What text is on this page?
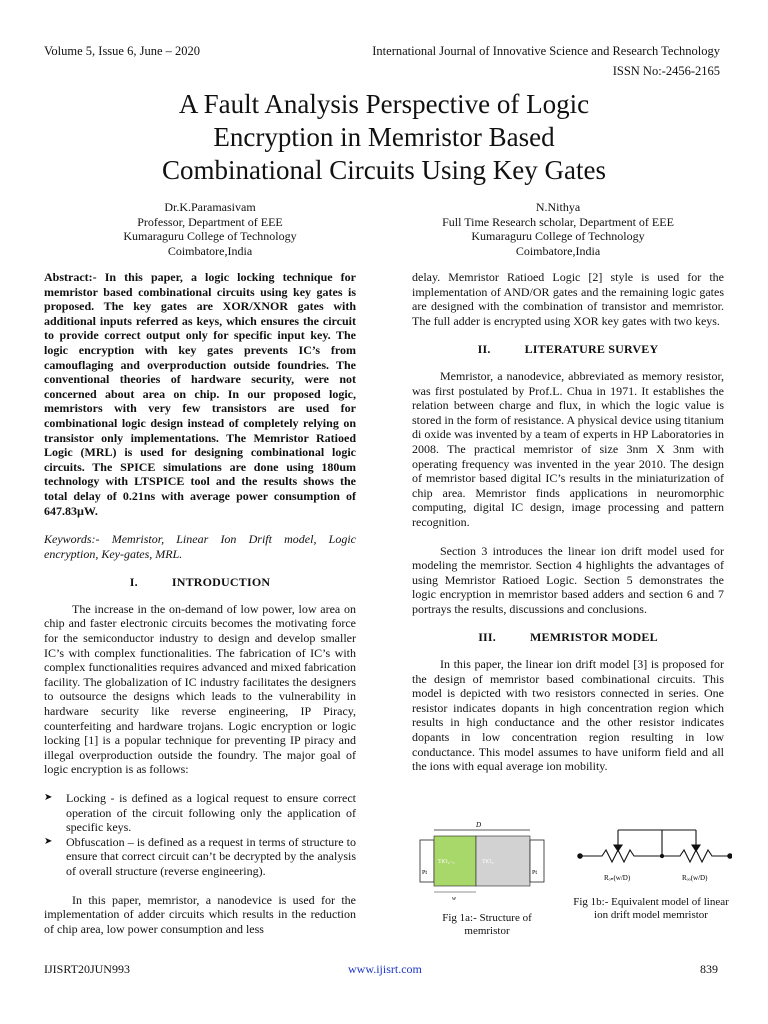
Volume 5, Issue 6, June – 2020	International Journal of Innovative Science and Research Technology
ISSN No:-2456-2165
A Fault Analysis Perspective of Logic
Encryption in Memristor Based
Combinational Circuits Using Key Gates
Dr.K.Paramasivam
Professor, Department of EEE
Kumaraguru College of Technology
Coimbatore,India
N.Nithya
Full Time Research scholar, Department of EEE
Kumaraguru College of Technology
Coimbatore,India

Abstract:- In this paper, a logic locking technique for memristor based combinational circuits using key gates is proposed. The key gates are XOR/XNOR gates with additional inputs referred as keys, which ensures the circuit to provide correct output only for specific input key. The logic encryption with key gates prevents IC’s from camouflaging and overproduction outside foundries. The conventional theories of hardware security, were not concerned about area on chip. In our proposed logic, memristors with very few transistors are used for combinational logic design instead of completely relying on transistor only implementations. The Memristor Ratioed Logic (MRL) is used for designing combinational logic circuits. The SPICE simulations are done using 180um technology with LTSPICE tool and the results shows the total delay of 0.21ns with average power consumption of 647.83µW.

Keywords:- Memristor, Linear Ion Drift model, Logic encryption, Key-gates, MRL.

I.	INTRODUCTION

The increase in the on-demand of low power, low area on chip and faster electronic circuits becomes the motivating force for the semiconductor industry to design and develop smaller IC’s with complex functionalities. The fabrication of IC’s with complex functionalities requires advanced and mixed fabrication facility. The globalization of IC industry facilitates the designers to outsource the designs which leads to the vulnerability in hardware security like reverse engineering, IP Piracy, counterfeiting and hardware trojans. Logic encryption or logic locking [1] is a popular technique for preventing IP piracy and illegal overproduction outside the foundry. The major goal of logic encryption is as follows:

➤ Locking - is defined as a logical request to ensure correct operation of the circuit following only the application of specific keys.
➤ Obfuscation – is defined as a request in terms of structure to ensure that correct circuit can’t be decrypted by the analysis of overall structure (reverse engineering).

In this paper, memristor, a nanodevice is used for the implementation of adder circuits which results in the reduction of chip area, low power consumption and less

delay. Memristor Ratioed Logic [2] style is used for the implementation of AND/OR gates and the remaining logic gates are designed with the combination of transistor and memristor. The full adder is encrypted using XOR key gates with two keys.

II.	LITERATURE SURVEY

Memristor, a nanodevice, abbreviated as memory resistor, was first postulated by Prof.L. Chua in 1971. It establishes the relation between charge and flux, in which the logic value is stored in the form of resistance. A physical device using titanium di oxide was invented by a team of experts in HP Laboratories in 2008. The practical memristor of size 3nm X 3nm with operating frequency was invented in the year 2010. The design of memristor based digital IC’s results in the miniaturization of chip area. Memristor finds applications in neuromorphic computing, digital IC design, image processing and pattern recognition.

Section 3 introduces the linear ion drift model used for modeling the memristor. Section 4 highlights the advantages of using Memristor Ratioed Logic. Section 5 demonstrates the logic encryption in memristor based adders and section 6 and 7 portrays the results, discussions and conclusions.

III.	MEMRISTOR MODEL

In this paper, the linear ion drift model [3] is proposed for the design of memristor based combinational circuits. This model is depicted with two resistors connected in series. One resistor indicates dopants in high concentration region which results in high conductance and the other resistor indicates dopants in low concentration region resulting in low conductance. This model assumes to have uniform field and all the ions with equal average ion mobility.

D
TiO₂₋ₓ	TiO₂
Pt	Pt
w
Rₒₙ(w/D)	Rₒₒ(w/D)
Fig 1a:- Structure of memristor
Fig 1b:- Equivalent model of linear ion drift model memristor
IJISRT20JUN993	www.ijisrt.com	839
